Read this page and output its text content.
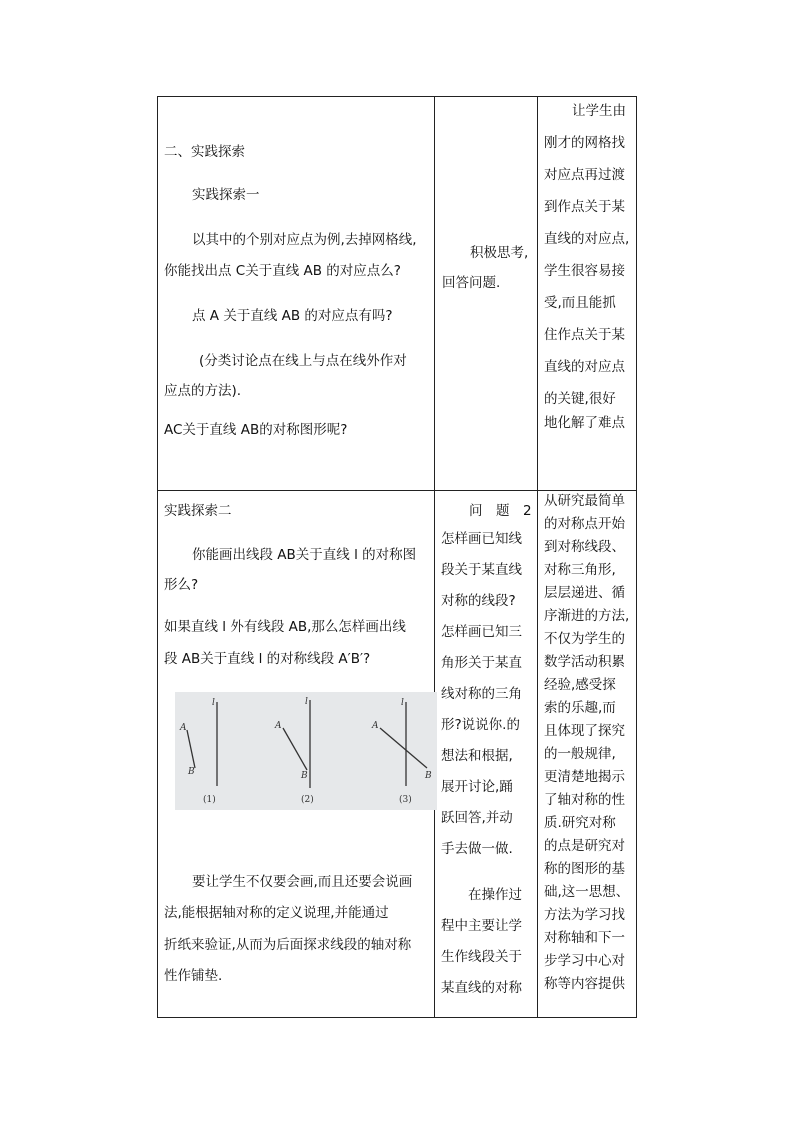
二、实践探索
实践探索一
以其中的个别对应点为例,去掉网格线,
你能找出点 C关于直线 AB 的对应点么?
点 A 关于直线 AB 的对应点有吗?
(分类讨论点在线上与点在线外作对
应点的方法).
AC关于直线 AB的对称图形呢?
积极思考,
回答问题.
让学生由
刚才的网格找
对应点再过渡
到作点关于某
直线的对应点,
学生很容易接
受,而且能抓
住作点关于某
直线的对应点
的关键,很好
地化解了难点
实践探索二
你能画出线段 AB关于直线 l 的对称图
形么?
如果直线 l 外有线段 AB,那么怎样画出线
段 AB关于直线 l 的对称线段 A′B′?
要让学生不仅要会画,而且还要会说画
法,能根据轴对称的定义说理,并能通过
折纸来验证,从而为后面探求线段的轴对称
性作铺垫.
l
A
B
l
A
B
l
A
B
(1)	(2)	(3)
问　题　2
怎样画已知线
段关于某直线
对称的线段?
怎样画已知三
角形关于某直
线对称的三角
形?说说你.的
想法和根据,
展开讨论,踊
跃回答,并动
手去做一做.
在操作过
程中主要让学
生作线段关于
某直线的对称
从研究最简单
的对称点开始
到对称线段、
对称三角形,
层层递进、循
序渐进的方法,
不仅为学生的
数学活动积累
经验,感受探
索的乐趣,而
且体现了探究
的一般规律,
更清楚地揭示
了轴对称的性
质.研究对称
的点是研究对
称的图形的基
础,这一思想、
方法为学习找
对称轴和下一
步学习中心对
称等内容提供
